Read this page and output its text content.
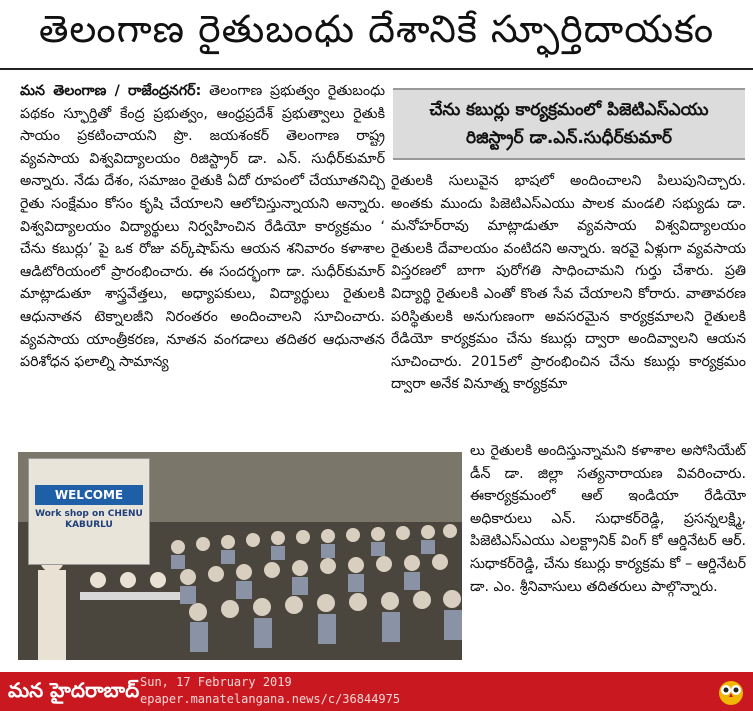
తెలంగాణ రైతుబంధు దేశానికే స్ఫూర్తిదాయకం

మన తెలంగాణ / రాజేంద్రనగర్: తెలంగాణ ప్రభుత్వం రైతుబంధు పథకం స్ఫూర్తితో కేంద్ర ప్రభుత్వం, ఆంధ్రప్రదేశ్ ప్రభుత్వాలు రైతుకి సాయం ప్రకటించాయని ప్రొ. జయశంకర్ తెలంగాణ రాష్ట్ర వ్యవసాయ విశ్వవిద్యాలయం రిజిస్ట్రార్ డా. ఎన్. సుధీర్‌కుమార్ అన్నారు. నేడు దేశం, సమాజం రైతుకి ఏదో రూపంలో చేయూతనిచ్చి రైతు సంక్షేమం కోసం కృషి చేయాలని ఆలోచిస్తున్నాయని అన్నారు. విశ్వవిద్యాలయం విద్యార్థులు నిర్వహించిన రేడియో కార్యక్రమం ‘ చేను కబుర్లు’ పై ఒక రోజు వర్క్‌షాప్‌ను ఆయన శనివారం కళాశాల ఆడిటోరియంలో ప్రారంభించారు. ఈ సందర్భంగా డా. సుధీర్‌కుమార్ మాట్లాడుతూ శాస్త్రవేత్తలు, అధ్యాపకులు, విద్యార్థులు రైతులకి ఆధునాతన టెక్నాలజీని నిరంతరం అందించాలని సూచించారు. వ్యవసాయ యాంత్రీకరణ, నూతన వంగడాలు తదితర ఆధునాతన పరిశోధన ఫలాల్ని సామాన్య

చేను కబుర్లు కార్యక్రమంలో పిజెటిఎస్‌ఎయు
రిజిస్ట్రార్ డా.ఎన్.సుధీర్‌కుమార్

రైతులకి సులువైన భాషలో అందించాలని పిలుపునిచ్చారు. అంతకు ముందు పిజెటిఎస్‌ఎయు పాలక మండలి సభ్యుడు డా. మనోహర్‌రావు మాట్లాడుతూ వ్యవసాయ విశ్వవిద్యాలయం రైతులకి దేవాలయం వంటిదని అన్నారు. ఇరవై ఏళ్లుగా వ్యవసాయ విస్తరణలో బాగా పురోగతి సాధించామని గుర్తు చేశారు. ప్రతి విద్యార్థి రైతులకి ఎంతో కొంత సేవ చేయాలని కోరారు. వాతావరణ పరిస్థితులకి అనుగుణంగా అవసరమైన కార్యక్రమాలని రైతులకి రేడియో కార్యక్రమం చేను కబుర్లు ద్వారా అందివ్వాలని ఆయన సూచించారు. 2015లో ప్రారంభించిన చేను కబుర్లు కార్యక్రమం ద్వారా అనేక వినూత్న కార్యక్రమా

లు రైతులకి అందిస్తున్నామని కళాశాల అసోసియేట్ డీన్ డా. జిల్లా సత్యనారాయణ వివరించారు. ఈకార్యక్రమంలో ఆల్ ఇండియా రేడియో అధికారులు ఎన్. సుధాకర్‌రెడ్డి, ప్రసన్నలక్ష్మి, పిజెటిఎస్‌ఎయు ఎలక్ట్రానిక్ వింగ్ కో ఆర్డినేటర్ ఆర్. సుధాకర్‌రెడ్డి, చేను కబుర్లు కార్యక్రమ కో – ఆర్డినేటర్ డా. ఎం. శ్రీనివాసులు తదితరులు పాల్గొన్నారు.

WELCOME
Work shop on CHENU KABURLU
మన హైదరాబాద్ Sun, 17 February 2019
epaper.manatelangana.news/c/36844975
